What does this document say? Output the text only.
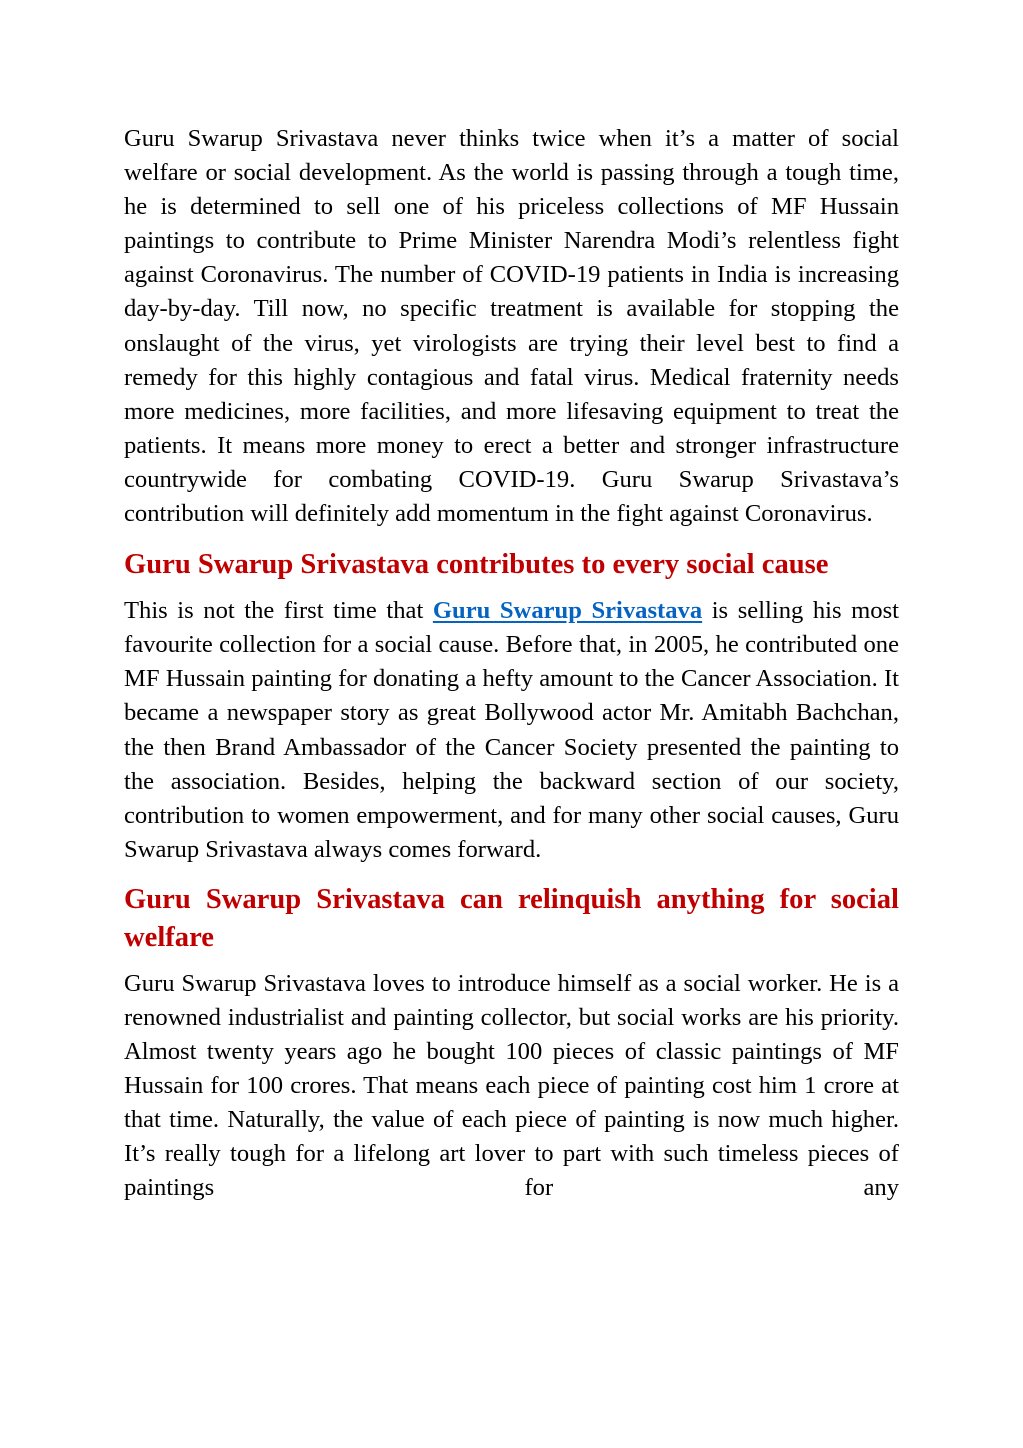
Guru Swarup Srivastava never thinks twice when it’s a matter of social welfare or social development. As the world is passing through a tough time, he is determined to sell one of his priceless collections of MF Hussain paintings to contribute to Prime Minister Narendra Modi’s relentless fight against Coronavirus. The number of COVID-19 patients in India is increasing day-by-day. Till now, no specific treatment is available for stopping the onslaught of the virus, yet virologists are trying their level best to find a remedy for this highly contagious and fatal virus. Medical fraternity needs more medicines, more facilities, and more lifesaving equipment to treat the patients. It means more money to erect a better and stronger infrastructure countrywide for combating COVID-19. Guru Swarup Srivastava’s contribution will definitely add momentum in the fight against Coronavirus.

Guru Swarup Srivastava contributes to every social cause

This is not the first time that Guru Swarup Srivastava is selling his most favourite collection for a social cause. Before that, in 2005, he contributed one MF Hussain painting for donating a hefty amount to the Cancer Association. It became a newspaper story as great Bollywood actor Mr. Amitabh Bachchan, the then Brand Ambassador of the Cancer Society presented the painting to the association. Besides, helping the backward section of our society, contribution to women empowerment, and for many other social causes, Guru Swarup Srivastava always comes forward.

Guru Swarup Srivastava can relinquish anything for social welfare

Guru Swarup Srivastava loves to introduce himself as a social worker. He is a renowned industrialist and painting collector, but social works are his priority. Almost twenty years ago he bought 100 pieces of classic paintings of MF Hussain for 100 crores. That means each piece of painting cost him 1 crore at that time. Naturally, the value of each piece of painting is now much higher. It’s really tough for a lifelong art lover to part with such timeless pieces of paintings for any
